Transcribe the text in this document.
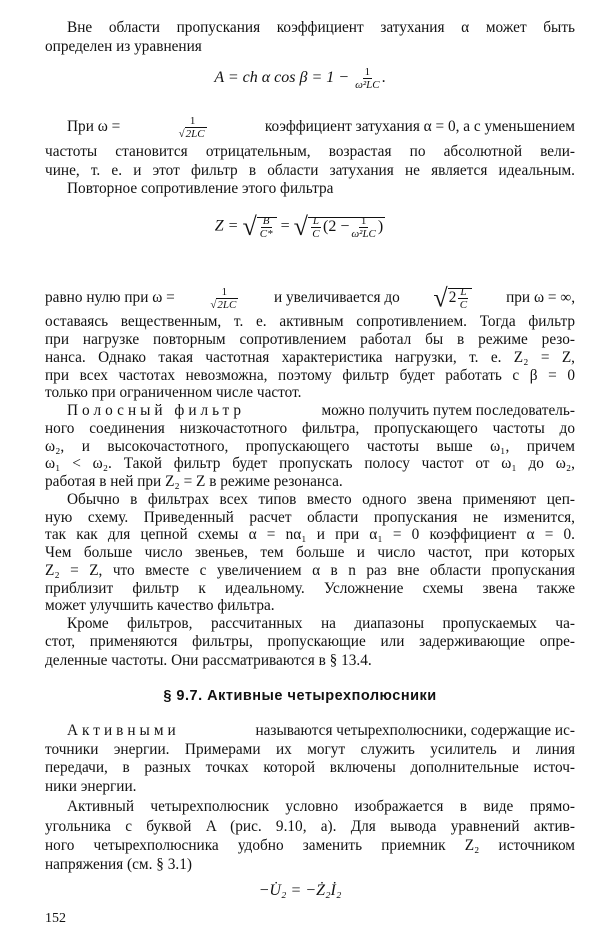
Вне области пропускания коэффициент затухания α может быть
определен из уравнения
A = ch α $\cos \beta = 1 - \frac{1}{\text{ω²LC}}$ .
При ω =	$\frac{1}{√2LC}$	коэффициент затухания α = 0, а с уменьшением
частоты становится отрицательным, возрастая по абсолютной вели-
чине, т. е. и этот фильтр в области затухания не является идеальным.
Повторное сопротивление этого фильтра
Z = √ $\frac{B}{C*}$ = √ $\frac{L}{C} (2 - \frac{1}{\text{ω²LC}}$ )
равно нулю при ω =	$\frac{1}{√2LC}$ и увеличивается до $√2 \frac{L}{C}$ при ω = ∞,
оставаясь вещественным, т. е. активным сопротивлением. Тогда фильтр
при нагрузке повторным сопротивлением работал бы в режиме резо-
нанса. Однако такая частотная характеристика нагрузки, т. е. Z₂ = Z,
при всех частотах невозможна, поэтому фильтр будет работать с β = 0
только при ограниченном числе частот.
Полосный фильтр	можно получить путем последователь-
ного соединения низкочастотного фильтра, пропускающего частоты до
ω₂, и высокочастотного, пропускающего частоты выше ω₁, причем
ω₁ < ω₂. Такой фильтр будет пропускать полосу частот от ω₁ до ω₂,
работая в ней при Z₂ = Z в режиме резонанса.
Обычно в фильтрах всех типов вместо одного звена применяют цеп-
ную схему. Приведенный расчет области пропускания не изменится,
так как для цепной схемы α = nα₁ и при α₁ = 0 коэффициент α = 0.
Чем больше число звеньев, тем больше и число частот, при которых
Z₂ = Z, что вместе с увеличением α в n раз вне области пропускания
приблизит фильтр к идеальному. Усложнение схемы звена также
может улучшить качество фильтра.
Кроме фильтров, рассчитанных на диапазоны пропускаемых ча-
стот, применяются фильтры, пропускающие или задерживающие опре-
деленные частоты. Они рассматриваются в § 13.4.
§ 9.7. Активные четырехполюсники
Активными	называются четырехполюсники, содержащие ис-
точники энергии. Примерами их могут служить усилитель и линия
передачи, в разных точках которой включены дополнительные источ-
ники энергии.
Активный четырехполюсник условно изображается в виде прямо-
угольника с буквой A (рис. 9.10, а). Для вывода уравнений актив-
ного четырехполюсника удобно заменить приемник Z₂ источником
напряжения (см. § 3.1)
−U̇₂ = −Ż₂İ₂
152
